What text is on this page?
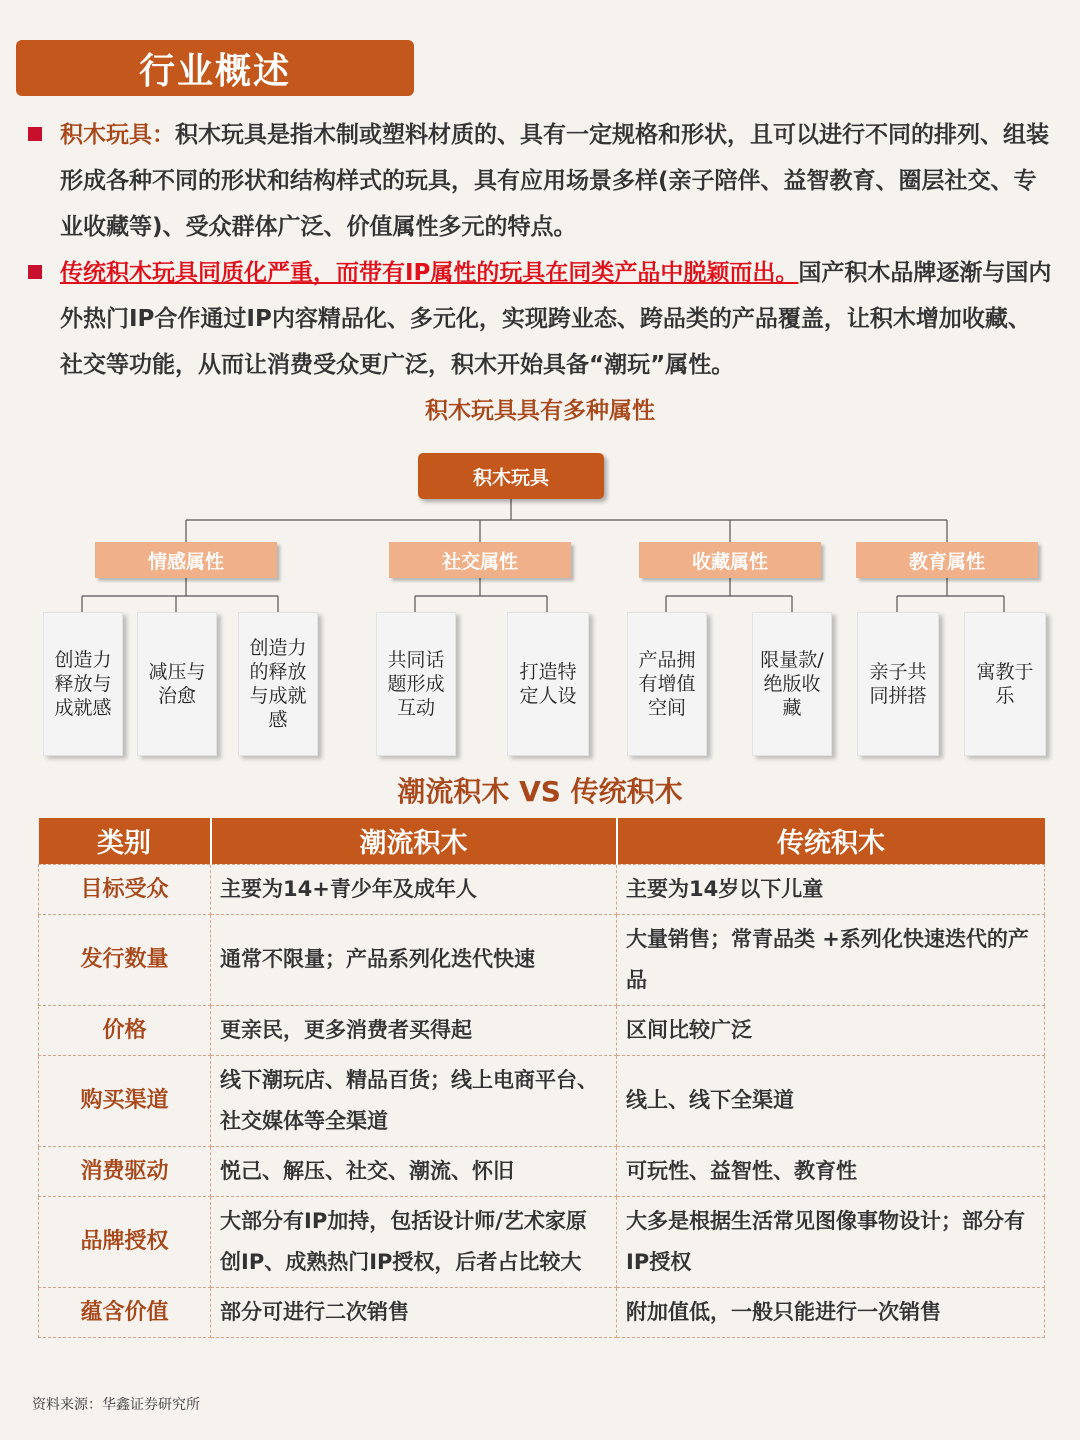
行业概述
积木玩具：积木玩具是指木制或塑料材质的、具有一定规格和形状，且可以进行不同的排列、组装形成各种不同的形状和结构样式的玩具，具有应用场景多样(亲子陪伴、益智教育、圈层社交、专业收藏等)、受众群体广泛、价值属性多元的特点。
传统积木玩具同质化严重，而带有IP属性的玩具在同类产品中脱颖而出。国产积木品牌逐渐与国内外热门IP合作通过IP内容精品化、多元化，实现跨业态、跨品类的产品覆盖，让积木增加收藏、社交等功能，从而让消费受众更广泛，积木开始具备“潮玩”属性。
积木玩具具有多种属性
积木玩具
情感属性	社交属性	收藏属性	教育属性
创造力释放与成就感
减压与治愈
创造力的释放与成就感
共同话题形成互动
打造特定人设
产品拥有增值空间
限量款/绝版收藏
亲子共同拼搭
寓教于乐
潮流积木 VS 传统积木
类别	潮流积木	传统积木
目标受众	主要为14+青少年及成年人	主要为14岁以下儿童
发行数量	通常不限量；产品系列化迭代快速	大量销售；常青品类 +系列化快速迭代的产品
价格	更亲民，更多消费者买得起	区间比较广泛
购买渠道	线下潮玩店、精品百货；线上电商平台、社交媒体等全渠道	线上、线下全渠道
消费驱动	悦己、解压、社交、潮流、怀旧	可玩性、益智性、教育性
品牌授权	大部分有IP加持，包括设计师/艺术家原创IP、成熟热门IP授权，后者占比较大	大多是根据生活常见图像事物设计；部分有IP授权
蕴含价值	部分可进行二次销售	附加值低，一般只能进行一次销售
资料来源：华鑫证券研究所
